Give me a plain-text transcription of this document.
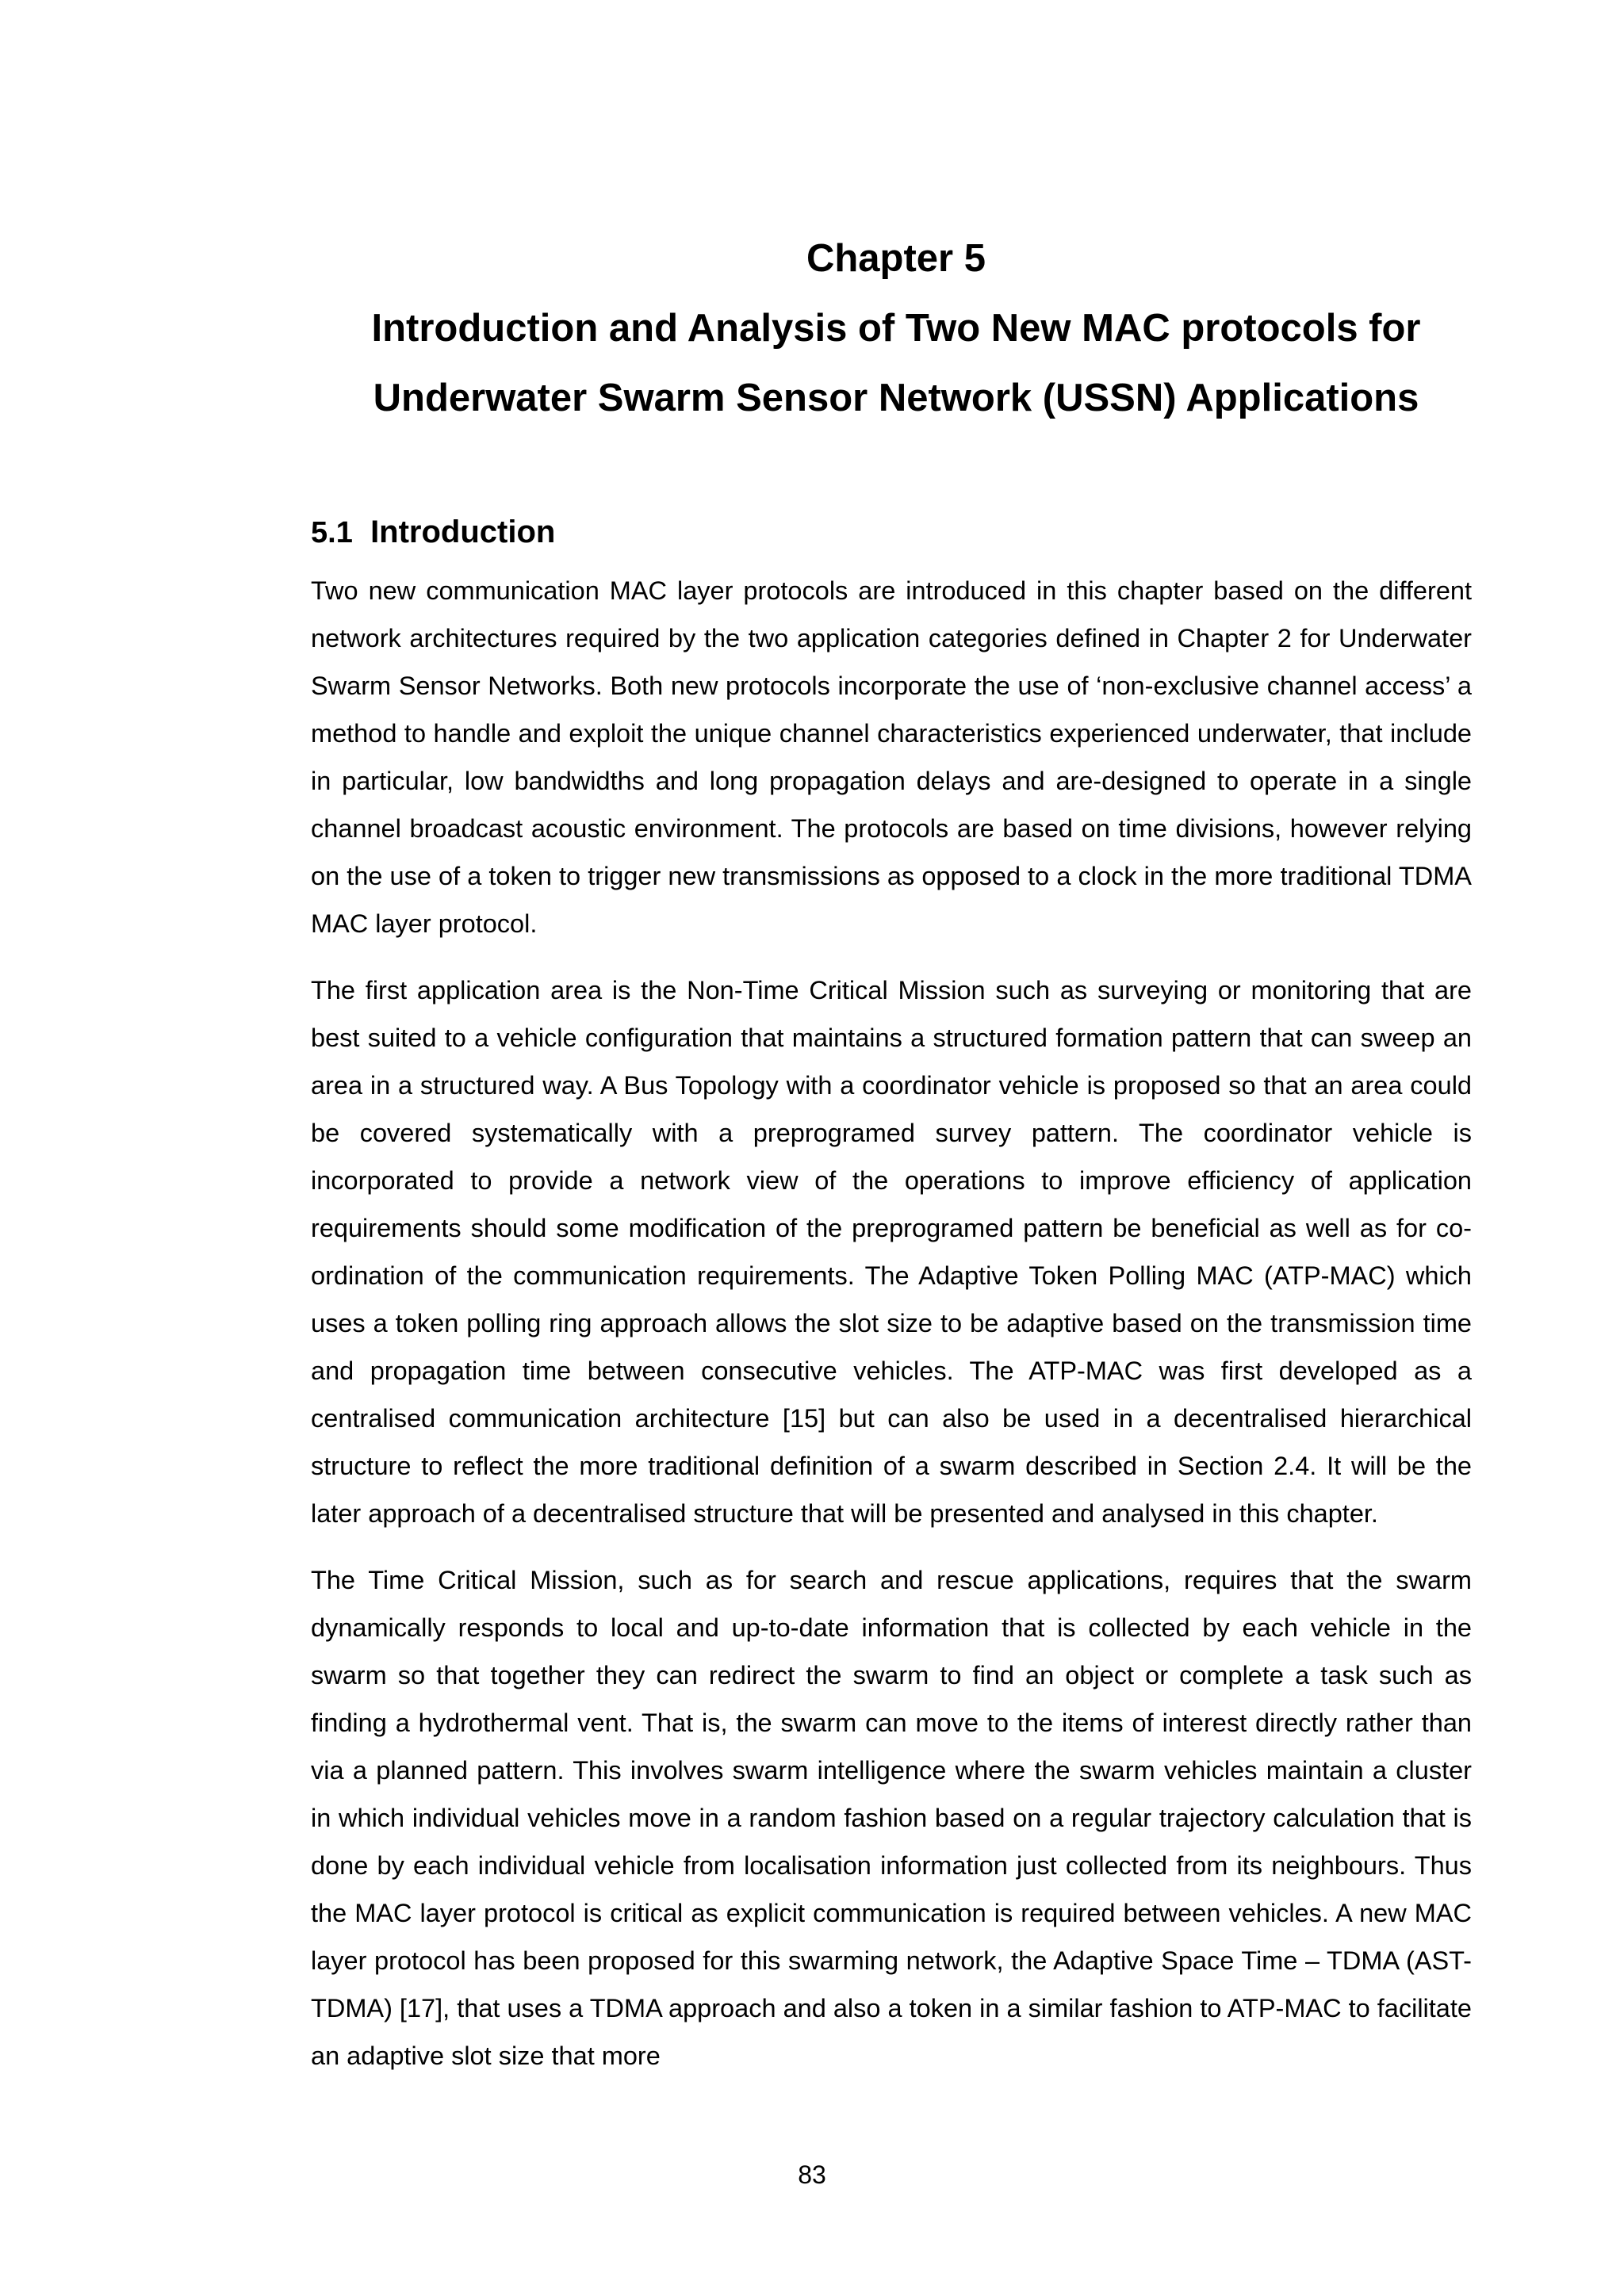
Chapter 5
Introduction and Analysis of Two New MAC protocols for
Underwater Swarm Sensor Network (USSN) Applications
5.1 Introduction

Two new communication MAC layer protocols are introduced in this chapter based on the different network architectures required by the two application categories defined in Chapter 2 for Underwater Swarm Sensor Networks. Both new protocols incorporate the use of ‘non-exclusive channel access’ a method to handle and exploit the unique channel characteristics experienced underwater, that include in particular, low bandwidths and long propagation delays and are-designed to operate in a single channel broadcast acoustic environment. The protocols are based on time divisions, however relying on the use of a token to trigger new transmissions as opposed to a clock in the more traditional TDMA MAC layer protocol.

The first application area is the Non-Time Critical Mission such as surveying or monitoring that are best suited to a vehicle configuration that maintains a structured formation pattern that can sweep an area in a structured way. A Bus Topology with a coordinator vehicle is proposed so that an area could be covered systematically with a preprogramed survey pattern. The coordinator vehicle is incorporated to provide a network view of the operations to improve efficiency of application requirements should some modification of the preprogramed pattern be beneficial as well as for co-ordination of the communication requirements. The Adaptive Token Polling MAC (ATP-MAC) which uses a token polling ring approach allows the slot size to be adaptive based on the transmission time and propagation time between consecutive vehicles. The ATP-MAC was first developed as a centralised communication architecture [15] but can also be used in a decentralised hierarchical structure to reflect the more traditional definition of a swarm described in Section 2.4. It will be the later approach of a decentralised structure that will be presented and analysed in this chapter.

The Time Critical Mission, such as for search and rescue applications, requires that the swarm dynamically responds to local and up-to-date information that is collected by each vehicle in the swarm so that together they can redirect the swarm to find an object or complete a task such as finding a hydrothermal vent. That is, the swarm can move to the items of interest directly rather than via a planned pattern. This involves swarm intelligence where the swarm vehicles maintain a cluster in which individual vehicles move in a random fashion based on a regular trajectory calculation that is done by each individual vehicle from localisation information just collected from its neighbours. Thus the MAC layer protocol is critical as explicit communication is required between vehicles. A new MAC layer protocol has been proposed for this swarming network, the Adaptive Space Time – TDMA (AST-TDMA) [17], that uses a TDMA approach and also a token in a similar fashion to ATP-MAC to facilitate an adaptive slot size that more

83
